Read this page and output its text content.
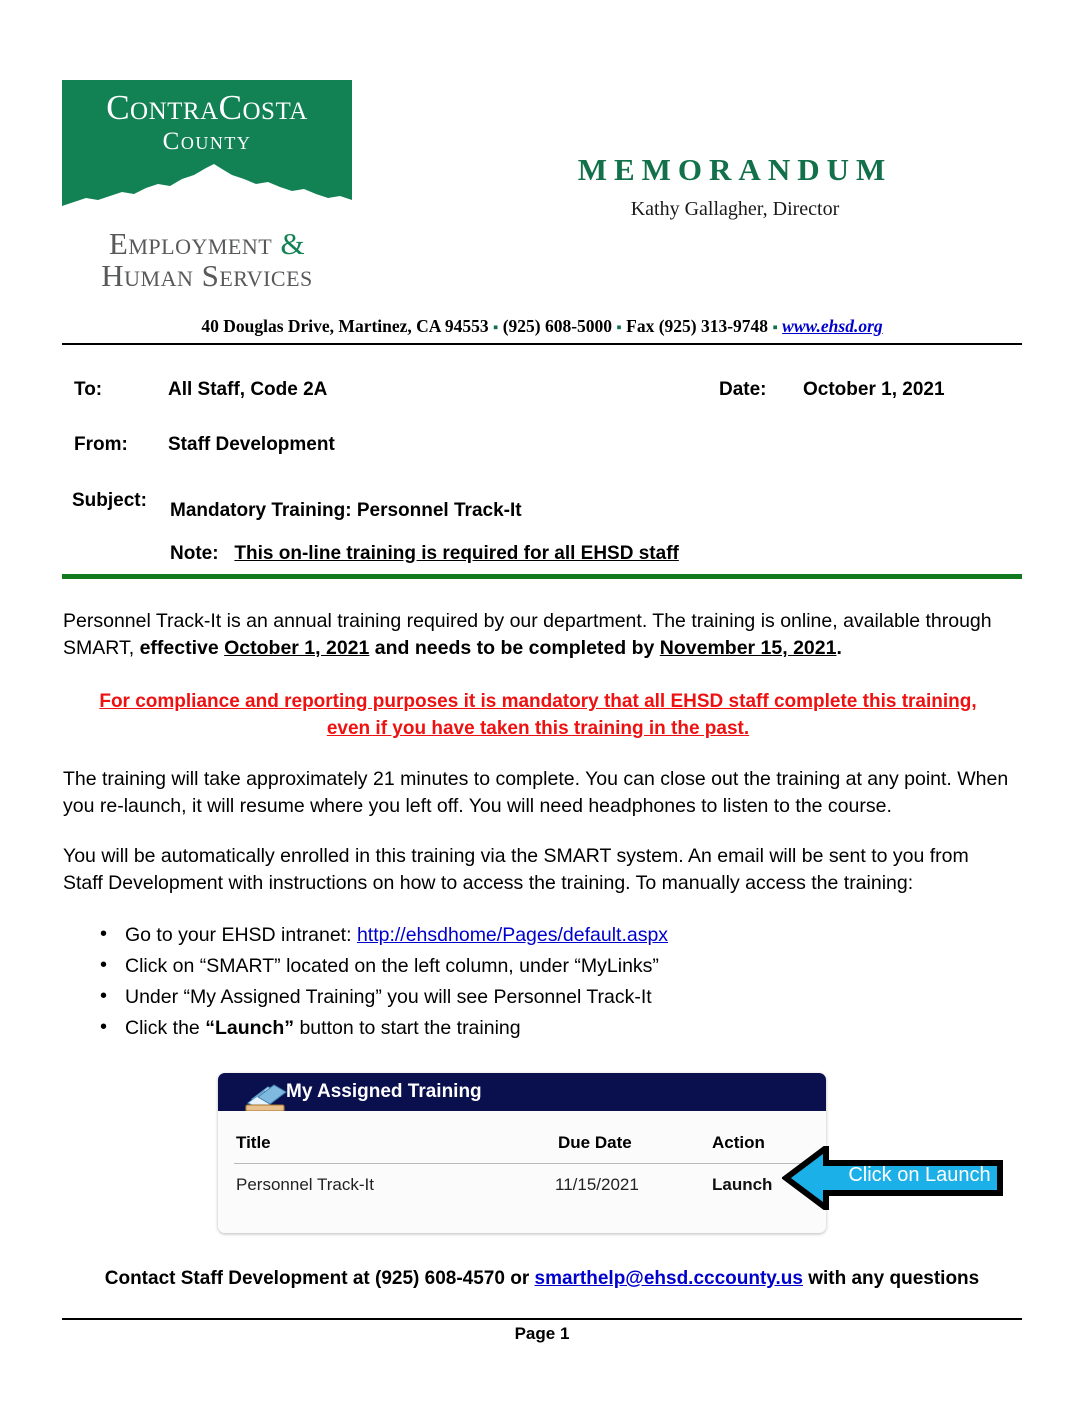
ContraCosta
County
Employment &
Human Services
MEMORANDUM
Kathy Gallagher, Director
40 Douglas Drive, Martinez, CA 94553 ▪ (925) 608-5000 ▪ Fax (925) 313-9748 ▪ www.ehsd.org
To:	All Staff, Code 2A	Date: October 1, 2021
From: Staff Development
Subject: Mandatory Training: Personnel Track-It
Note: This on-line training is required for all EHSD staff
Personnel Track-It is an annual training required by our department. The training is online, available through SMART, effective October 1, 2021 and needs to be completed by November 15, 2021.
For compliance and reporting purposes it is mandatory that all EHSD staff complete this training,
even if you have taken this training in the past.
The training will take approximately 21 minutes to complete. You can close out the training at any point. When you re-launch, it will resume where you left off. You will need headphones to listen to the course.
You will be automatically enrolled in this training via the SMART system. An email will be sent to you from Staff Development with instructions on how to access the training. To manually access the training:
• Go to your EHSD intranet: http://ehsdhome/Pages/default.aspx
• Click on “SMART” located on the left column, under “MyLinks”
• Under “My Assigned Training” you will see Personnel Track-It
• Click the “Launch” button to start the training
My Assigned Training
Title	Due Date	Action
Personnel Track-It	11/15/2021	Launch	Click on Launch
Contact Staff Development at (925) 608-4570 or smarthelp@ehsd.cccounty.us with any questions
Page 1
